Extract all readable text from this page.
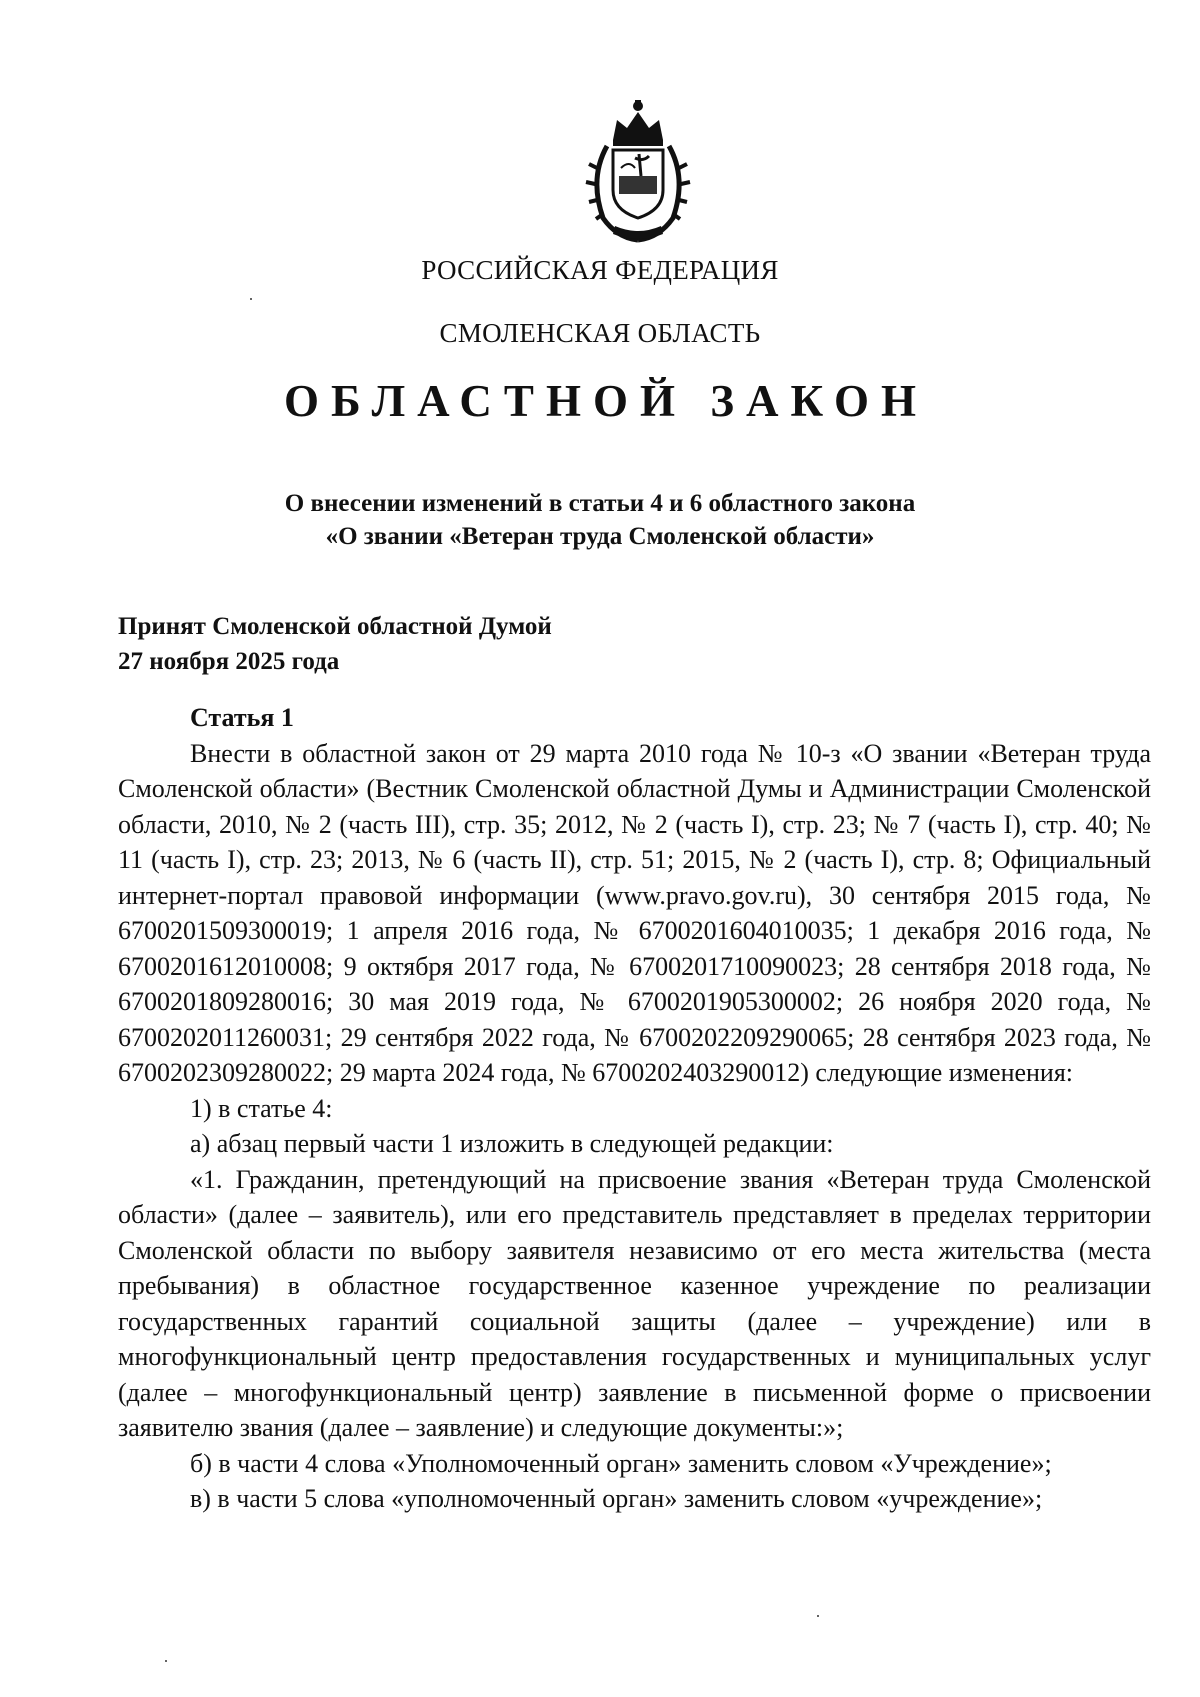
РОССИЙСКАЯ ФЕДЕРАЦИЯ
СМОЛЕНСКАЯ ОБЛАСТЬ
ОБЛАСТНОЙ ЗАКОН
О внесении изменений в статьи 4 и 6 областного закона
«О звании «Ветеран труда Смоленской области»
Принят Смоленской областной Думой
27 ноября 2025 года
Статья 1

Внести в областной закон от 29 марта 2010 года № 10-з «О звании «Ветеран труда Смоленской области» (Вестник Смоленской областной Думы и Администрации Смоленской области, 2010, № 2 (часть III), стр. 35; 2012, № 2 (часть I), стр. 23; № 7 (часть I), стр. 40; № 11 (часть I), стр. 23; 2013, № 6 (часть II), стр. 51; 2015, № 2 (часть I), стр. 8; Официальный интернет-портал правовой информации (www.pravo.gov.ru), 30 сентября 2015 года, № 6700201509300019; 1 апреля 2016 года, № 6700201604010035; 1 декабря 2016 года, № 6700201612010008; 9 октября 2017 года, № 6700201710090023; 28 сентября 2018 года, № 6700201809280016; 30 мая 2019 года, № 6700201905300002; 26 ноября 2020 года, № 6700202011260031; 29 сентября 2022 года, № 6700202209290065; 28 сентября 2023 года, № 6700202309280022; 29 марта 2024 года, № 6700202403290012) следующие изменения:

1) в статье 4:
а) абзац первый части 1 изложить в следующей редакции:

«1. Гражданин, претендующий на присвоение звания «Ветеран труда Смоленской области» (далее – заявитель), или его представитель представляет в пределах территории Смоленской области по выбору заявителя независимо от его места жительства (места пребывания) в областное государственное казенное учреждение по реализации государственных гарантий социальной защиты (далее – учреждение) или в многофункциональный центр предоставления государственных и муниципальных услуг (далее – многофункциональный центр) заявление в письменной форме о присвоении заявителю звания (далее – заявление) и следующие документы:»;

б) в части 4 слова «Уполномоченный орган» заменить словом «Учреждение»;
в) в части 5 слова «уполномоченный орган» заменить словом «учреждение»;
